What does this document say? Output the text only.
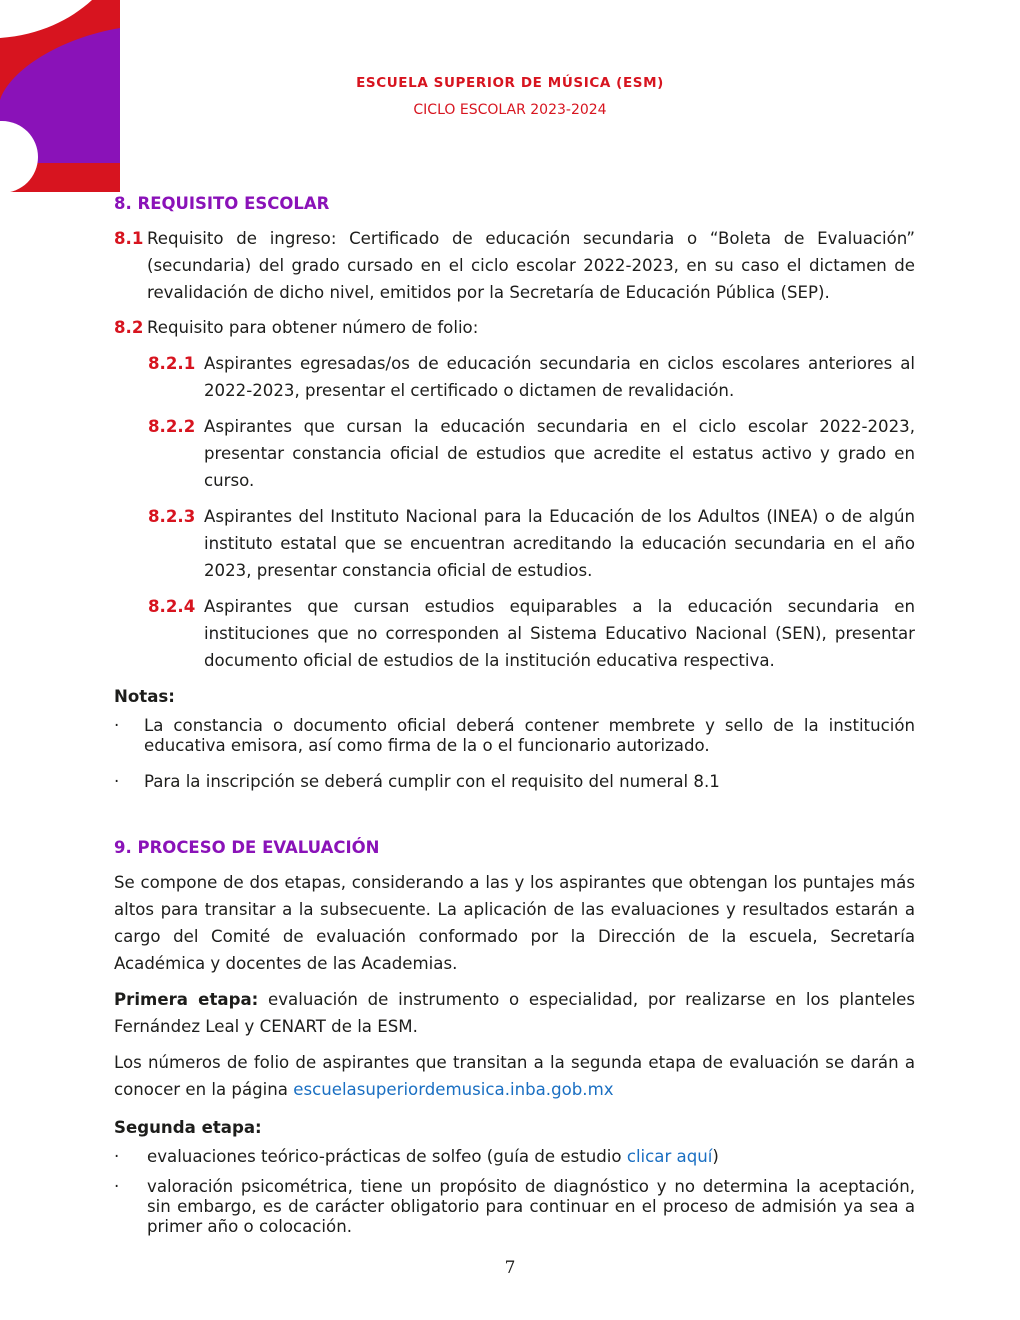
ESCUELA SUPERIOR DE MÚSICA (ESM)
CICLO ESCOLAR 2023-2024
8. REQUISITO ESCOLAR
8.1 Requisito de ingreso: Certificado de educación secundaria o “Boleta de Evaluación” (secundaria) del grado cursado en el ciclo escolar 2022-2023, en su caso el dictamen de revalidación de dicho nivel, emitidos por la Secretaría de Educación Pública (SEP).
8.2 Requisito para obtener número de folio:
8.2.1 Aspirantes egresadas/os de educación secundaria en ciclos escolares anteriores al 2022-2023, presentar el certificado o dictamen de revalidación.
8.2.2 Aspirantes que cursan la educación secundaria en el ciclo escolar 2022-2023, presentar constancia oficial de estudios que acredite el estatus activo y grado en curso.
8.2.3 Aspirantes del Instituto Nacional para la Educación de los Adultos (INEA) o de algún instituto estatal que se encuentran acreditando la educación secundaria en el año 2023, presentar constancia oficial de estudios.
8.2.4 Aspirantes que cursan estudios equiparables a la educación secundaria en instituciones que no corresponden al Sistema Educativo Nacional (SEN), presentar documento oficial de estudios de la institución educativa respectiva.

Notas:

·	La constancia o documento oficial deberá contener membrete y sello de la institución educativa emisora, así como firma de la o el funcionario autorizado.
·	Para la inscripción se deberá cumplir con el requisito del numeral 8.1
9. PROCESO DE EVALUACIÓN

Se compone de dos etapas, considerando a las y los aspirantes que obtengan los puntajes más altos para transitar a la subsecuente. La aplicación de las evaluaciones y resultados estarán a cargo del Comité de evaluación conformado por la Dirección de la escuela, Secretaría Académica y docentes de las Academias.

Primera etapa: evaluación de instrumento o especialidad, por realizarse en los planteles Fernández Leal y CENART de la ESM.

Los números de folio de aspirantes que transitan a la segunda etapa de evaluación se darán a conocer en la página escuelasuperiordemusica.inba.gob.mx

Segunda etapa:

·	evaluaciones teórico-prácticas de solfeo (guía de estudio clicar aquí)
·	valoración psicométrica, tiene un propósito de diagnóstico y no determina la aceptación, sin embargo, es de carácter obligatorio para continuar en el proceso de admisión ya sea a primer año o colocación.
7
